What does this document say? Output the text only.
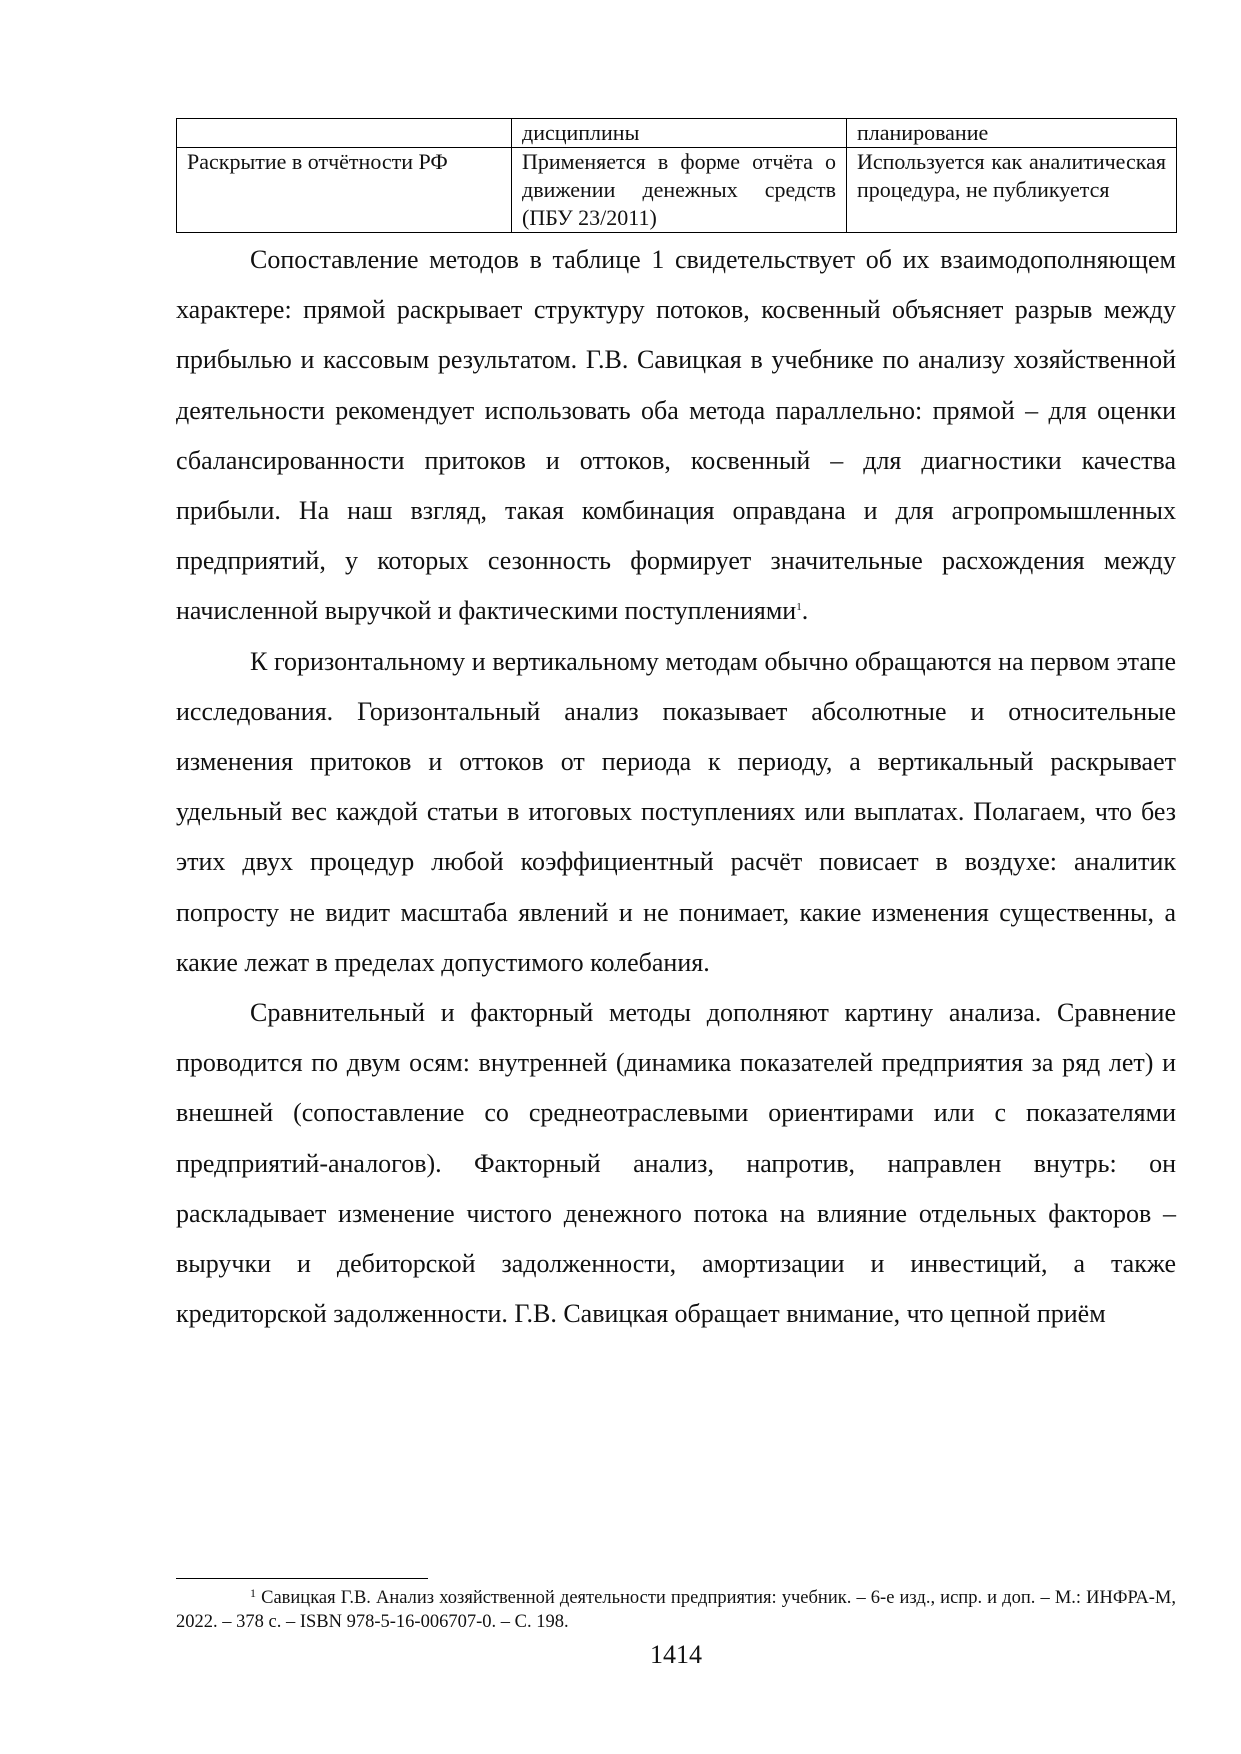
	дисциплины	планирование
Раскрытие в отчётности РФ	Применяется в форме отчёта о движении денежных средств (ПБУ 23/2011)	Используется как аналитическая процедура, не публикуется

Сопоставление методов в таблице 1 свидетельствует об их взаимодополняющем характере: прямой раскрывает структуру потоков, косвенный объясняет разрыв между прибылью и кассовым результатом. Г.В. Савицкая в учебнике по анализу хозяйственной деятельности рекомендует использовать оба метода параллельно: прямой – для оценки сбалансированности притоков и оттоков, косвенный – для диагностики качества прибыли. На наш взгляд, такая комбинация оправдана и для агропромышленных предприятий, у которых сезонность формирует значительные расхождения между начисленной выручкой и фактическими поступлениями$^1$.

К горизонтальному и вертикальному методам обычно обращаются на первом этапе исследования. Горизонтальный анализ показывает абсолютные и относительные изменения притоков и оттоков от периода к периоду, а вертикальный раскрывает удельный вес каждой статьи в итоговых поступлениях или выплатах. Полагаем, что без этих двух процедур любой коэффициентный расчёт повисает в воздухе: аналитик попросту не видит масштаба явлений и не понимает, какие изменения существенны, а какие лежат в пределах допустимого колебания.

Сравнительный и факторный методы дополняют картину анализа. Сравнение проводится по двум осям: внутренней (динамика показателей предприятия за ряд лет) и внешней (сопоставление со среднеотраслевыми ориентирами или с показателями предприятий-аналогов). Факторный анализ, напротив, направлен внутрь: он раскладывает изменение чистого денежного потока на влияние отдельных факторов – выручки и дебиторской задолженности, амортизации и инвестиций, а также кредиторской задолженности. Г.В. Савицкая обращает внимание, что цепной приём

$^1$ Савицкая Г.В. Анализ хозяйственной деятельности предприятия: учебник. – 6-е изд., испр. и доп. – М.: ИНФРА-М, 2022. – 378 с. – ISBN 978-5-16-006707-0. – С. 198.
1414
